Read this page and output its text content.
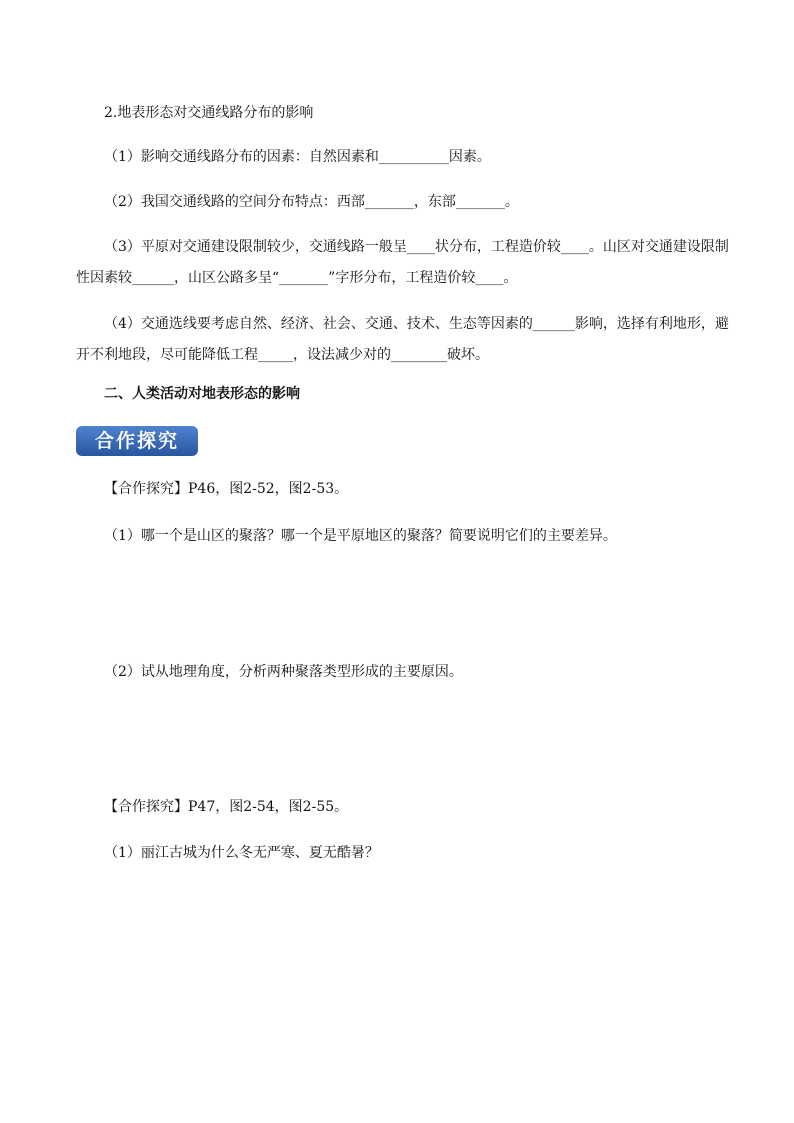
2.地表形态对交通线路分布的影响
（1）影响交通线路分布的因素：自然因素和__________因素。
（2）我国交通线路的空间分布特点：西部_______，东部_______。
（3）平原对交通建设限制较少，交通线路一般呈____状分布，工程造价较____。山区对交通建设限制
性因素较______，山区公路多呈“_______”字形分布，工程造价较____。
（4）交通选线要考虑自然、经济、社会、交通、技术、生态等因素的______影响，选择有利地形，避
开不利地段，尽可能降低工程_____，设法减少对的________破坏。
二、人类活动对地表形态的影响
合作探究
【合作探究】P46，图2-52，图2-53。
（1）哪一个是山区的聚落？哪一个是平原地区的聚落？简要说明它们的主要差异。
（2）试从地理角度，分析两种聚落类型形成的主要原因。
【合作探究】P47，图2-54，图2-55。
（1）丽江古城为什么冬无严寒、夏无酷暑？
